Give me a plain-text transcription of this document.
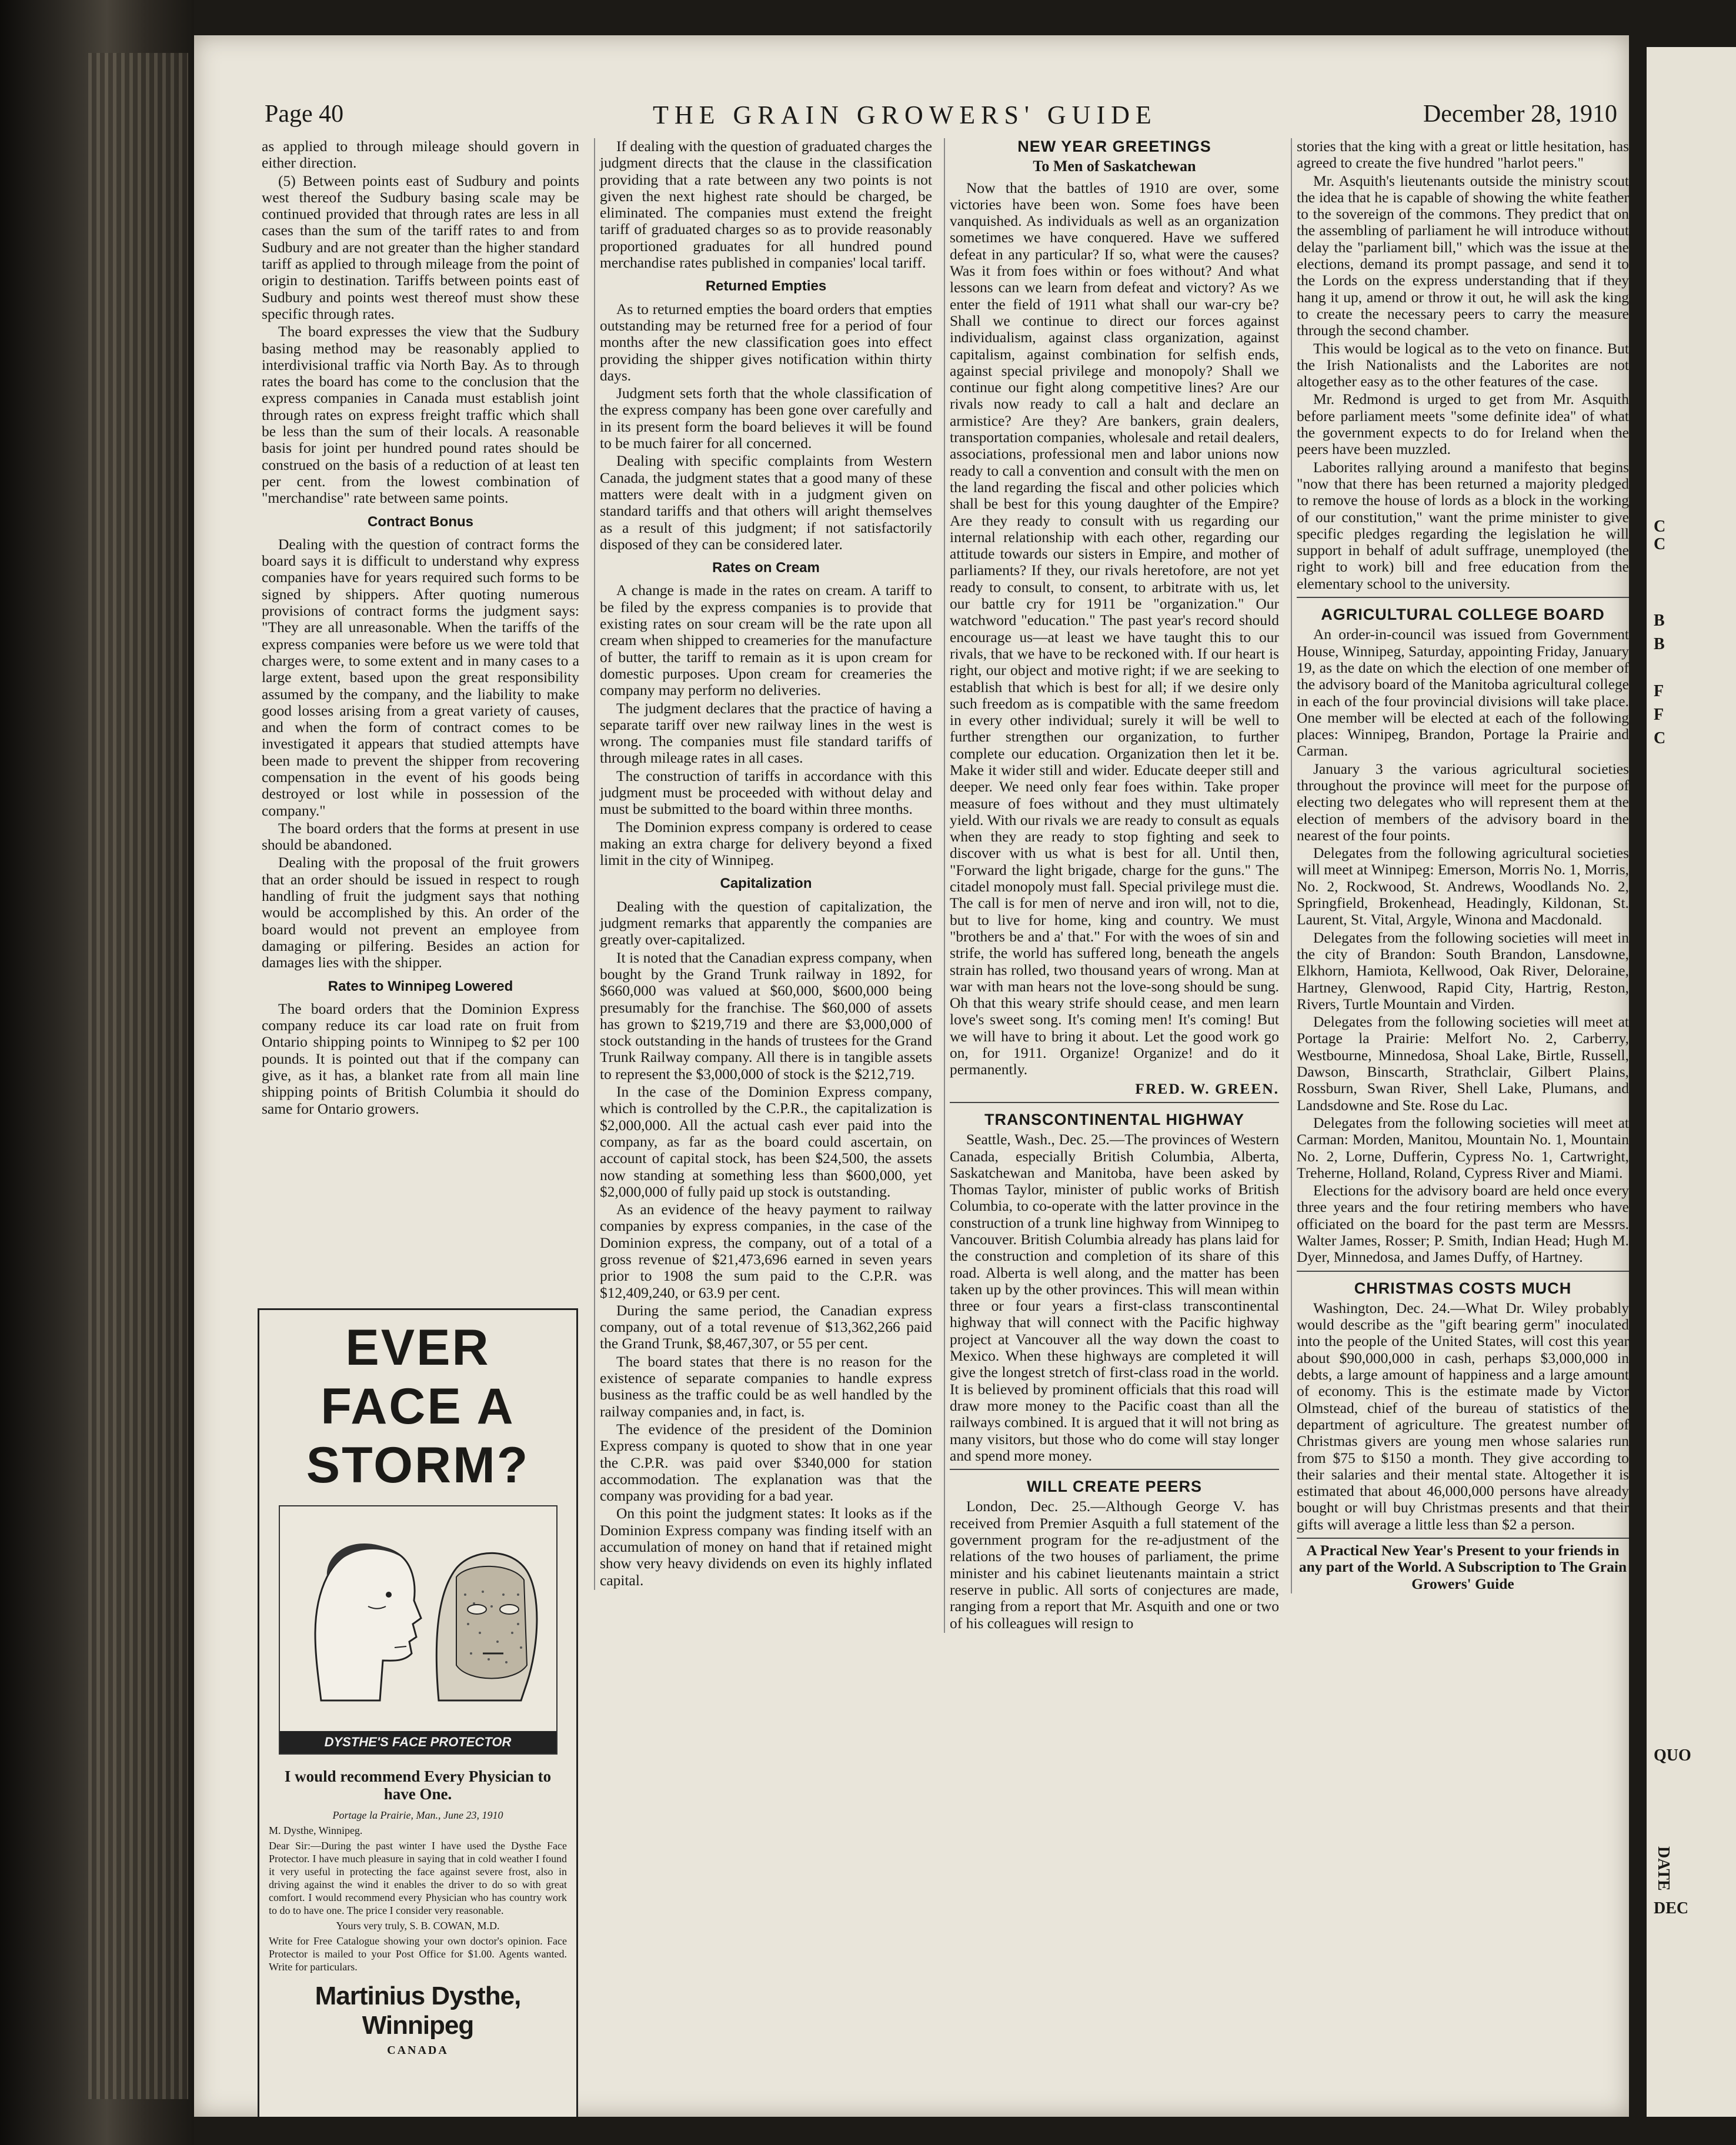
C
C
B
B
F
F
C
QUO
DATE
DEC
Page 40	THE GRAIN GROWERS' GUIDE	December 28, 1910

as applied to through mileage should govern in either direction.

(5) Between points east of Sudbury and points west thereof the Sudbury basing scale may be continued provided that through rates are less in all cases than the sum of the tariff rates to and from Sudbury and are not greater than the higher standard tariff as applied to through mileage from the point of origin to destination. Tariffs between points east of Sudbury and points west thereof must show these specific through rates.

The board expresses the view that the Sudbury basing method may be reasonably applied to interdivisional traffic via North Bay. As to through rates the board has come to the conclusion that the express companies in Canada must establish joint through rates on express freight traffic which shall be less than the sum of their locals. A reasonable basis for joint per hundred pound rates should be construed on the basis of a reduction of at least ten per cent. from the lowest combination of "merchandise" rate between same points.

Contract Bonus

Dealing with the question of contract forms the board says it is difficult to understand why express companies have for years required such forms to be signed by shippers. After quoting numerous provisions of contract forms the judgment says: "They are all unreasonable. When the tariffs of the express companies were before us we were told that charges were, to some extent and in many cases to a large extent, based upon the great responsibility assumed by the company, and the liability to make good losses arising from a great variety of causes, and when the form of contract comes to be investigated it appears that studied attempts have been made to prevent the shipper from recovering compensation in the event of his goods being destroyed or lost while in possession of the company."

The board orders that the forms at present in use should be abandoned.

Dealing with the proposal of the fruit growers that an order should be issued in respect to rough handling of fruit the judgment says that nothing would be accomplished by this. An order of the board would not prevent an employee from damaging or pilfering. Besides an action for damages lies with the shipper.

Rates to Winnipeg Lowered

The board orders that the Dominion Express company reduce its car load rate on fruit from Ontario shipping points to Winnipeg to $2 per 100 pounds. It is pointed out that if the company can give, as it has, a blanket rate from all main line shipping points of British Columbia it should do same for Ontario growers.

EVER FACE A STORM?
DYSTHE'S FACE PROTECTOR
I would recommend Every Physician to have One.

Portage la Prairie, Man., June 23, 1910

M. Dysthe, Winnipeg.

Dear Sir:—During the past winter I have used the Dysthe Face Protector. I have much pleasure in saying that in cold weather I found it very useful in protecting the face against severe frost, also in driving against the wind it enables the driver to do so with great comfort. I would recommend every Physician who has country work to do to have one. The price I consider very reasonable.

Yours very truly, S. B. COWAN, M.D.

Write for Free Catalogue showing your own doctor's opinion. Face Protector is mailed to your Post Office for $1.00. Agents wanted. Write for particulars.

Martinius Dysthe, Winnipeg
CANADA

If dealing with the question of graduated charges the judgment directs that the clause in the classification providing that a rate between any two points is not given the next highest rate should be charged, be eliminated. The companies must extend the freight tariff of graduated charges so as to provide reasonably proportioned graduates for all hundred pound merchandise rates published in companies' local tariff.

Returned Empties

As to returned empties the board orders that empties outstanding may be returned free for a period of four months after the new classification goes into effect providing the shipper gives notification within thirty days.

Judgment sets forth that the whole classification of the express company has been gone over carefully and in its present form the board believes it will be found to be much fairer for all concerned.

Dealing with specific complaints from Western Canada, the judgment states that a good many of these matters were dealt with in a judgment given on standard tariffs and that others will aright themselves as a result of this judgment; if not satisfactorily disposed of they can be considered later.

Rates on Cream

A change is made in the rates on cream. A tariff to be filed by the express companies is to provide that existing rates on sour cream will be the rate upon all cream when shipped to creameries for the manufacture of butter, the tariff to remain as it is upon cream for domestic purposes. Upon cream for creameries the company may perform no deliveries.

The judgment declares that the practice of having a separate tariff over new railway lines in the west is wrong. The companies must file standard tariffs of through mileage rates in all cases.

The construction of tariffs in accordance with this judgment must be proceeded with without delay and must be submitted to the board within three months.

The Dominion express company is ordered to cease making an extra charge for delivery beyond a fixed limit in the city of Winnipeg.

Capitalization

Dealing with the question of capitalization, the judgment remarks that apparently the companies are greatly over-capitalized.

It is noted that the Canadian express company, when bought by the Grand Trunk railway in 1892, for $660,000 was valued at $60,000, $600,000 being presumably for the franchise. The $60,000 of assets has grown to $219,719 and there are $3,000,000 of stock outstanding in the hands of trustees for the Grand Trunk Railway company. All there is in tangible assets to represent the $3,000,000 of stock is the $212,719.

In the case of the Dominion Express company, which is controlled by the C.P.R., the capitalization is $2,000,000. All the actual cash ever paid into the company, as far as the board could ascertain, on account of capital stock, has been $24,500, the assets now standing at something less than $600,000, yet $2,000,000 of fully paid up stock is outstanding.

As an evidence of the heavy payment to railway companies by express companies, in the case of the Dominion express, the company, out of a total of a gross revenue of $21,473,696 earned in seven years prior to 1908 the sum paid to the C.P.R. was $12,409,240, or 63.9 per cent.

During the same period, the Canadian express company, out of a total revenue of $13,362,266 paid the Grand Trunk, $8,467,307, or 55 per cent.

The board states that there is no reason for the existence of separate companies to handle express business as the traffic could be as well handled by the railway companies and, in fact, is.

The evidence of the president of the Dominion Express company is quoted to show that in one year the C.P.R. was paid over $340,000 for station accommodation. The explanation was that the company was providing for a bad year.

On this point the judgment states: It looks as if the Dominion Express company was finding itself with an accumulation of money on hand that if retained might show very heavy dividends on even its highly inflated capital.

NEW YEAR GREETINGS
To Men of Saskatchewan

Now that the battles of 1910 are over, some victories have been won. Some foes have been vanquished. As individuals as well as an organization sometimes we have conquered. Have we suffered defeat in any particular? If so, what were the causes? Was it from foes within or foes without? And what lessons can we learn from defeat and victory? As we enter the field of 1911 what shall our war-cry be? Shall we continue to direct our forces against individualism, against class organization, against capitalism, against combination for selfish ends, against special privilege and monopoly? Shall we continue our fight along competitive lines? Are our rivals now ready to call a halt and declare an armistice? Are they? Are bankers, grain dealers, transportation companies, wholesale and retail dealers, associations, professional men and labor unions now ready to call a convention and consult with the men on the land regarding the fiscal and other policies which shall be best for this young daughter of the Empire? Are they ready to consult with us regarding our internal relationship with each other, regarding our attitude towards our sisters in Empire, and mother of parliaments? If they, our rivals heretofore, are not yet ready to consult, to consent, to arbitrate with us, let our battle cry for 1911 be "organization." Our watchword "education." The past year's record should encourage us—at least we have taught this to our rivals, that we have to be reckoned with. If our heart is right, our object and motive right; if we are seeking to establish that which is best for all; if we desire only such freedom as is compatible with the same freedom in every other individual; surely it will be well to further strengthen our organization, to further complete our education. Organization then let it be. Make it wider still and wider. Educate deeper still and deeper. We need only fear foes within. Take proper measure of foes without and they must ultimately yield. With our rivals we are ready to consult as equals when they are ready to stop fighting and seek to discover with us what is best for all. Until then, "Forward the light brigade, charge for the guns." The citadel monopoly must fall. Special privilege must die. The call is for men of nerve and iron will, not to die, but to live for home, king and country. We must "brothers be and a' that." For with the woes of sin and strife, the world has suffered long, beneath the angels strain has rolled, two thousand years of wrong. Man at war with man hears not the love-song should be sung. Oh that this weary strife should cease, and men learn love's sweet song. It's coming men! It's coming! But we will have to bring it about. Let the good work go on, for 1911. Organize! Organize! and do it permanently.

FRED. W. GREEN.
TRANSCONTINENTAL HIGHWAY

Seattle, Wash., Dec. 25.—The provinces of Western Canada, especially British Columbia, Alberta, Saskatchewan and Manitoba, have been asked by Thomas Taylor, minister of public works of British Columbia, to co-operate with the latter province in the construction of a trunk line highway from Winnipeg to Vancouver. British Columbia already has plans laid for the construction and completion of its share of this road. Alberta is well along, and the matter has been taken up by the other provinces. This will mean within three or four years a first-class transcontinental highway that will connect with the Pacific highway project at Vancouver all the way down the coast to Mexico. When these highways are completed it will give the longest stretch of first-class road in the world. It is believed by prominent officials that this road will draw more money to the Pacific coast than all the railways combined. It is argued that it will not bring as many visitors, but those who do come will stay longer and spend more money.

WILL CREATE PEERS

London, Dec. 25.—Although George V. has received from Premier Asquith a full statement of the government program for the re-adjustment of the relations of the two houses of parliament, the prime minister and his cabinet lieutenants maintain a strict reserve in public. All sorts of conjectures are made, ranging from a report that Mr. Asquith and one or two of his colleagues will resign to

stories that the king with a great or little hesitation, has agreed to create the five hundred "harlot peers."

Mr. Asquith's lieutenants outside the ministry scout the idea that he is capable of showing the white feather to the sovereign of the commons. They predict that on the assembling of parliament he will introduce without delay the "parliament bill," which was the issue at the elections, demand its prompt passage, and send it to the Lords on the express understanding that if they hang it up, amend or throw it out, he will ask the king to create the necessary peers to carry the measure through the second chamber.

This would be logical as to the veto on finance. But the Irish Nationalists and the Laborites are not altogether easy as to the other features of the case.

Mr. Redmond is urged to get from Mr. Asquith before parliament meets "some definite idea" of what the government expects to do for Ireland when the peers have been muzzled.

Laborites rallying around a manifesto that begins "now that there has been returned a majority pledged to remove the house of lords as a block in the working of our constitution," want the prime minister to give specific pledges regarding the legislation he will support in behalf of adult suffrage, unemployed (the right to work) bill and free education from the elementary school to the university.

AGRICULTURAL COLLEGE BOARD

An order-in-council was issued from Government House, Winnipeg, Saturday, appointing Friday, January 19, as the date on which the election of one member of the advisory board of the Manitoba agricultural college in each of the four provincial divisions will take place. One member will be elected at each of the following places: Winnipeg, Brandon, Portage la Prairie and Carman.

January 3 the various agricultural societies throughout the province will meet for the purpose of electing two delegates who will represent them at the election of members of the advisory board in the nearest of the four points.

Delegates from the following agricultural societies will meet at Winnipeg: Emerson, Morris No. 1, Morris, No. 2, Rockwood, St. Andrews, Woodlands No. 2, Springfield, Brokenhead, Headingly, Kildonan, St. Laurent, St. Vital, Argyle, Winona and Macdonald.

Delegates from the following societies will meet in the city of Brandon: South Brandon, Lansdowne, Elkhorn, Hamiota, Kellwood, Oak River, Deloraine, Hartney, Glenwood, Rapid City, Hartrig, Reston, Rivers, Turtle Mountain and Virden.

Delegates from the following societies will meet at Portage la Prairie: Melfort No. 2, Carberry, Westbourne, Minnedosa, Shoal Lake, Birtle, Russell, Dawson, Binscarth, Strathclair, Gilbert Plains, Rossburn, Swan River, Shell Lake, Plumans, and Landsdowne and Ste. Rose du Lac.

Delegates from the following societies will meet at Carman: Morden, Manitou, Mountain No. 1, Mountain No. 2, Lorne, Dufferin, Cypress No. 1, Cartwright, Treherne, Holland, Roland, Cypress River and Miami.

Elections for the advisory board are held once every three years and the four retiring members who have officiated on the board for the past term are Messrs. Walter James, Rosser; P. Smith, Indian Head; Hugh M. Dyer, Minnedosa, and James Duffy, of Hartney.

CHRISTMAS COSTS MUCH

Washington, Dec. 24.—What Dr. Wiley probably would describe as the "gift bearing germ" inoculated into the people of the United States, will cost this year about $90,000,000 in cash, perhaps $3,000,000 in debts, a large amount of happiness and a large amount of economy. This is the estimate made by Victor Olmstead, chief of the bureau of statistics of the department of agriculture. The greatest number of Christmas givers are young men whose salaries run from $75 to $150 a month. They give according to their salaries and their mental state. Altogether it is estimated that about 46,000,000 persons have already bought or will buy Christmas presents and that their gifts will average a little less than $2 a person.

A Practical New Year's Present to your friends in any part of the World. A Subscription to The Grain Growers' Guide
